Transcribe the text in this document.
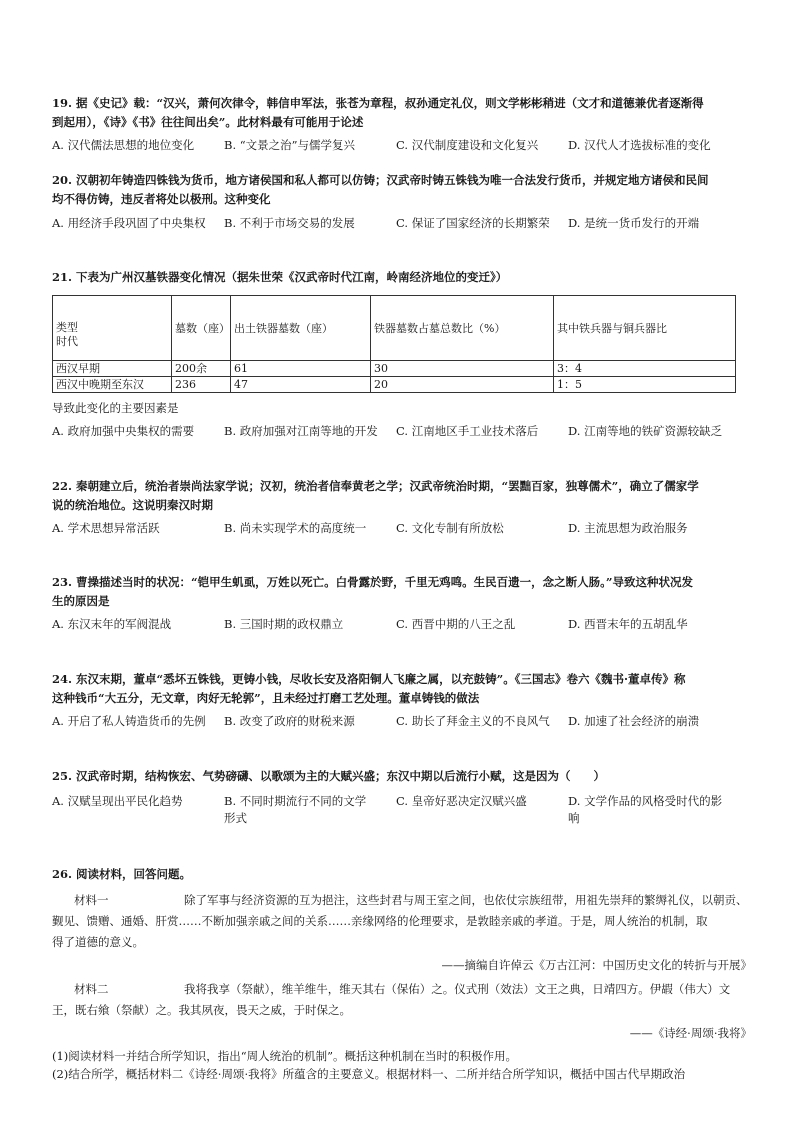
19. 据《史记》载：“汉兴，萧何次律令，韩信申军法，张苍为章程，叔孙通定礼仪，则文学彬彬稍进（文才和道德兼优者逐渐得

到起用），《诗》《书》往往间出矣”。此材料最有可能用于论述

A. 汉代儒法思想的地位变化	B. “文景之治”与儒学复兴	C. 汉代制度建设和文化复兴	D. 汉代人才选拔标准的变化

20. 汉朝初年铸造四铢钱为货币，地方诸侯国和私人都可以仿铸；汉武帝时铸五铢钱为唯一合法发行货币，并规定地方诸侯和民间

均不得仿铸，违反者将处以极刑。这种变化

A. 用经济手段巩固了中央集权 B. 不利于市场交易的发展	C. 保证了国家经济的长期繁荣 D. 是统一货币发行的开端

21. 下表为广州汉墓铁器变化情况（据朱世荣《汉武帝时代江南，岭南经济地位的变迁》）

类型
时代	墓数（座）	出土铁器墓数（座）	铁器墓数占墓总数比（%）	其中铁兵器与铜兵器比
西汉早期	200余	61	30	3：4
西汉中晚期至东汉	236	47	20	1：5

导致此变化的主要因素是

A. 政府加强中央集权的需要	B. 政府加强对江南等地的开发 C. 江南地区手工业技术落后	D. 江南等地的铁矿资源较缺乏

22. 秦朝建立后，统治者崇尚法家学说；汉初，统治者信奉黄老之学；汉武帝统治时期，“罢黜百家，独尊儒术”，确立了儒家学

说的统治地位。这说明秦汉时期

A. 学术思想异常活跃	B. 尚未实现学术的高度统一	C. 文化专制有所放松	D. 主流思想为政治服务

23. 曹操描述当时的状况：“铠甲生虮虱，万姓以死亡。白骨露於野，千里无鸡鸣。生民百遗一，念之断人肠。”导致这种状况发

生的原因是

A. 东汉末年的军阀混战	B. 三国时期的政权鼎立	C. 西晋中期的八王之乱	D. 西晋末年的五胡乱华

24. 东汉末期，董卓“悉坏五铢钱，更铸小钱，尽收长安及洛阳铜人飞廉之属，以充鼓铸”。《三国志》卷六《魏书·董卓传》称

这种钱币“大五分，无文章，肉好无轮郭”，且未经过打磨工艺处理。董卓铸钱的做法

A. 开启了私人铸造货币的先例 B. 改变了政府的财税来源	C. 助长了拜金主义的不良风气 D. 加速了社会经济的崩溃

25. 汉武帝时期，结构恢宏、气势磅礴、以歌颂为主的大赋兴盛；东汉中期以后流行小赋，这是因为（　　）

A. 汉赋呈现出平民化趋势	B. 不同时期流行不同的文学形式
C. 皇帝好恶决定汉赋兴盛	D. 文学作品的风格受时代的影响

26. 阅读材料，回答问题。

材料一	除了军事与经济资源的互为挹注，这些封君与周王室之间，也依仗宗族纽带，用祖先崇拜的繁缛礼仪，以朝贡、

觐见、馈赠、通婚、肝赏……不断加强亲戚之间的关系……亲缘网络的伦理要求，是敦睦亲戚的孝道。于是，周人统治的机制，取

得了道德的意义。

——摘编自许倬云《万古江河：中国历史文化的转折与开展》

材料二	我将我享（祭献），维羊维牛，维天其右（保佑）之。仪式刑（效法）文王之典，日靖四方。伊嘏（伟大）文

王，既右飨（祭献）之。我其夙夜，畏天之威，于时保之。

——《诗经·周颂·我将》

(1)阅读材料一并结合所学知识，指出“周人统治的机制”。概括这种机制在当时的积极作用。

(2)结合所学，概括材料二《诗经·周颂·我将》所蕴含的主要意义。根据材料一、二所并结合所学知识，概括中国古代早期政治
